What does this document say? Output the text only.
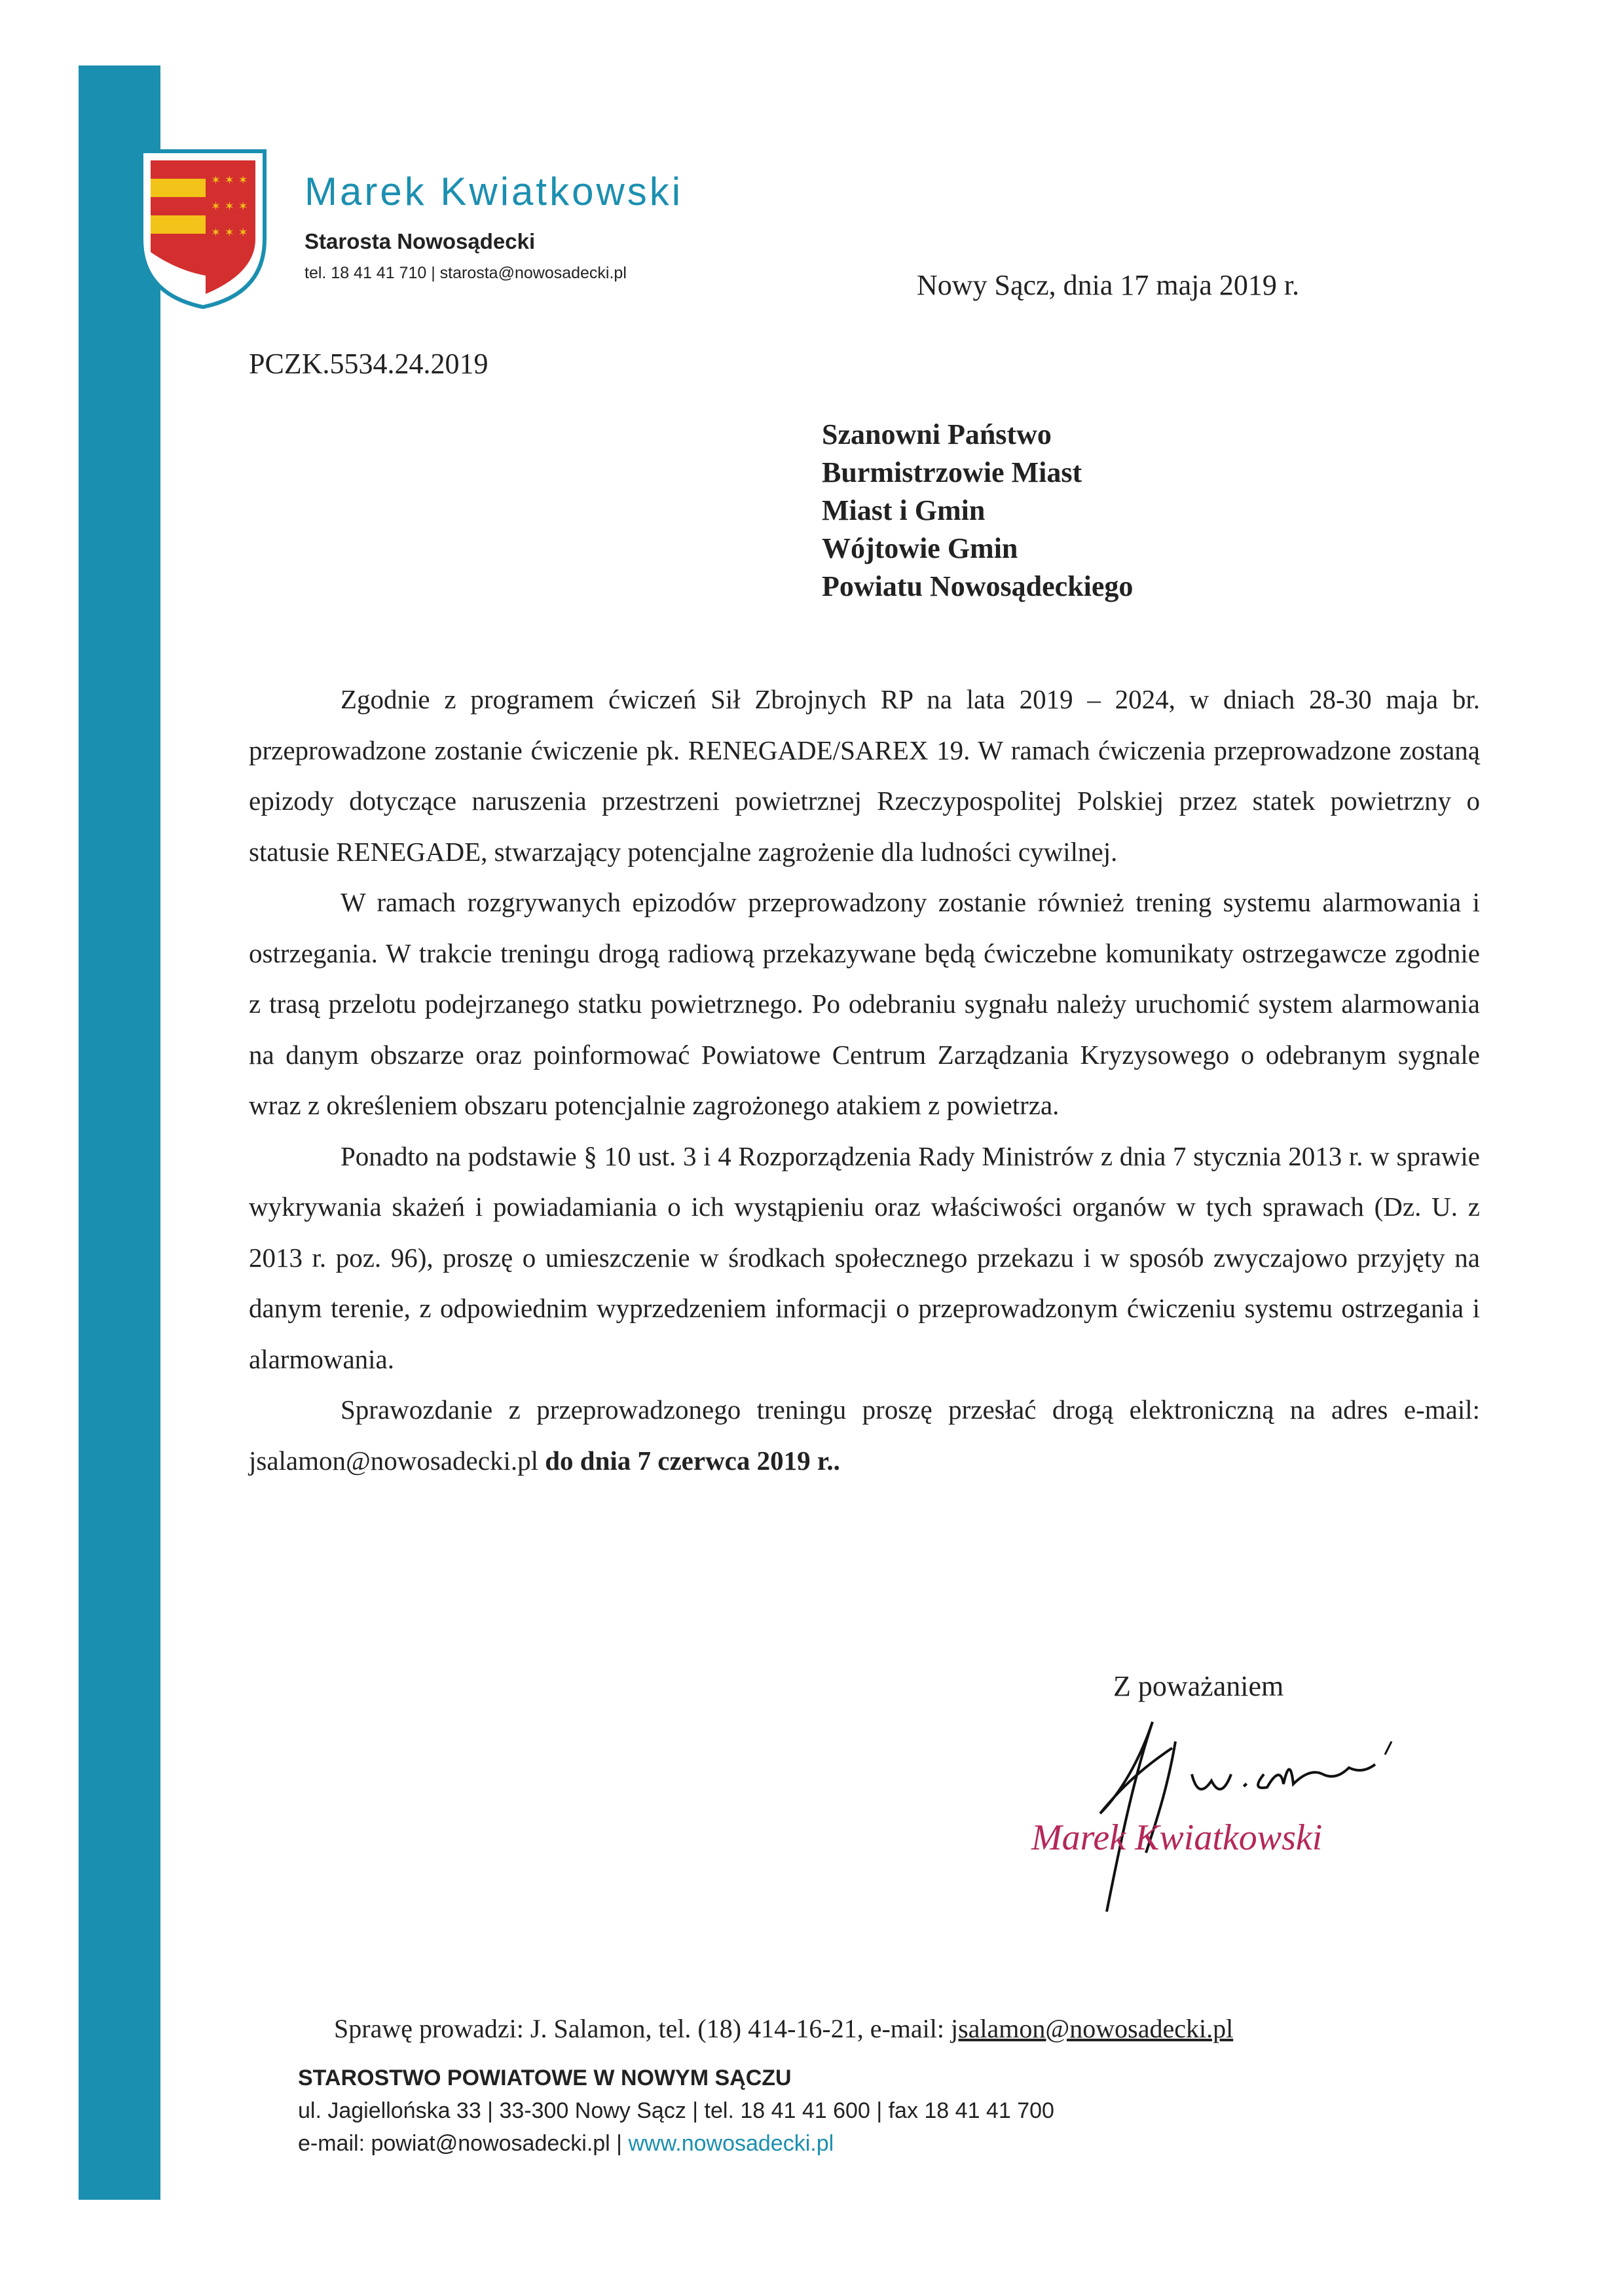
✶ ✶ ✶
✶ ✶ ✶
✶ ✶ ✶
Marek Kwiatkowski
Starosta Nowosądecki
tel. 18 41 41 710 | starosta@nowosadecki.pl	Nowy Sącz, dnia 17 maja 2019 r.
PCZK.5534.24.2019
Szanowni Państwo
Burmistrzowie Miast
Miast i Gmin
Wójtowie Gmin
Powiatu Nowosądeckiego

Zgodnie z programem ćwiczeń Sił Zbrojnych RP na lata 2019 – 2024, w dniach 28-30 maja br. przeprowadzone zostanie ćwiczenie pk. RENEGADE/SAREX 19. W ramach ćwiczenia przeprowadzone zostaną epizody dotyczące naruszenia przestrzeni powietrznej Rzeczypospolitej Polskiej przez statek powietrzny o statusie RENEGADE, stwarzający potencjalne zagrożenie dla ludności cywilnej.

W ramach rozgrywanych epizodów przeprowadzony zostanie również trening systemu alarmowania i ostrzegania. W trakcie treningu drogą radiową przekazywane będą ćwiczebne komunikaty ostrzegawcze zgodnie z trasą przelotu podejrzanego statku powietrznego. Po odebraniu sygnału należy uruchomić system alarmowania na danym obszarze oraz poinformować Powiatowe Centrum Zarządzania Kryzysowego o odebranym sygnale wraz z określeniem obszaru potencjalnie zagrożonego atakiem z powietrza.

Ponadto na podstawie § 10 ust. 3 i 4 Rozporządzenia Rady Ministrów z dnia 7 stycznia 2013 r. w sprawie wykrywania skażeń i powiadamiania o ich wystąpieniu oraz właściwości organów w tych sprawach (Dz. U. z 2013 r. poz. 96), proszę o umieszczenie w środkach społecznego przekazu i w sposób zwyczajowo przyjęty na danym terenie, z odpowiednim wyprzedzeniem informacji o przeprowadzonym ćwiczeniu systemu ostrzegania i alarmowania.

Sprawozdanie z przeprowadzonego treningu proszę przesłać drogą elektroniczną na adres e-mail: jsalamon@nowosadecki.pl do dnia 7 czerwca 2019 r..

Z poważaniem
Marek Kwiatkowski
Sprawę prowadzi: J. Salamon, tel. (18) 414-16-21, e-mail: jsalamon@nowosadecki.pl
STAROSTWO POWIATOWE W NOWYM SĄCZU
ul. Jagiellońska 33 | 33-300 Nowy Sącz | tel. 18 41 41 600 | fax 18 41 41 700
e-mail: powiat@nowosadecki.pl | www.nowosadecki.pl
